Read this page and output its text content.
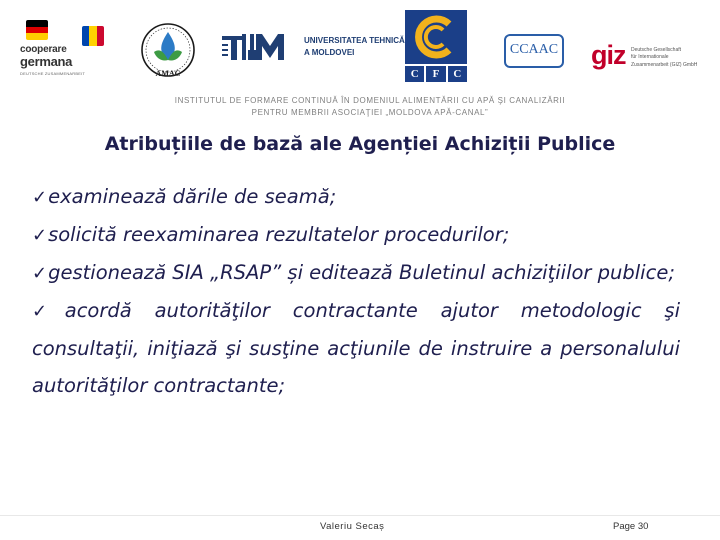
cooperare
germana
DEUTSCHE ZUSAMMENARBEIT	AMAC
UNIVERSITATEA TEHNICĂ
A MOLDOVEI
C	F	C
CCAAC giz Deutsche Gesellschaft
für Internationale
Zusammenarbeit (GIZ) GmbH
INSTITUTUL DE FORMARE CONTINUĂ ÎN DOMENIUL ALIMENTĂRII CU APĂ ŞI CANALIZĂRII
PENTRU MEMBRII ASOCIAŢIEI „MOLDOVA APĂ-CANAL”
Atribuțiile de bază ale Agenției Achiziții Publice

✓examinează dările de seamă;

✓solicită reexaminarea rezultatelor procedurilor;

✓gestionează SIA „RSAP” și editează Buletinul achiziţiilor publice;

✓acordă autorităţilor contractante ajutor metodologic şi consultaţii, iniţiază şi susţine acţiunile de instruire a personalului autorităţilor contractante;

Valeriu Secaș	Page 30
